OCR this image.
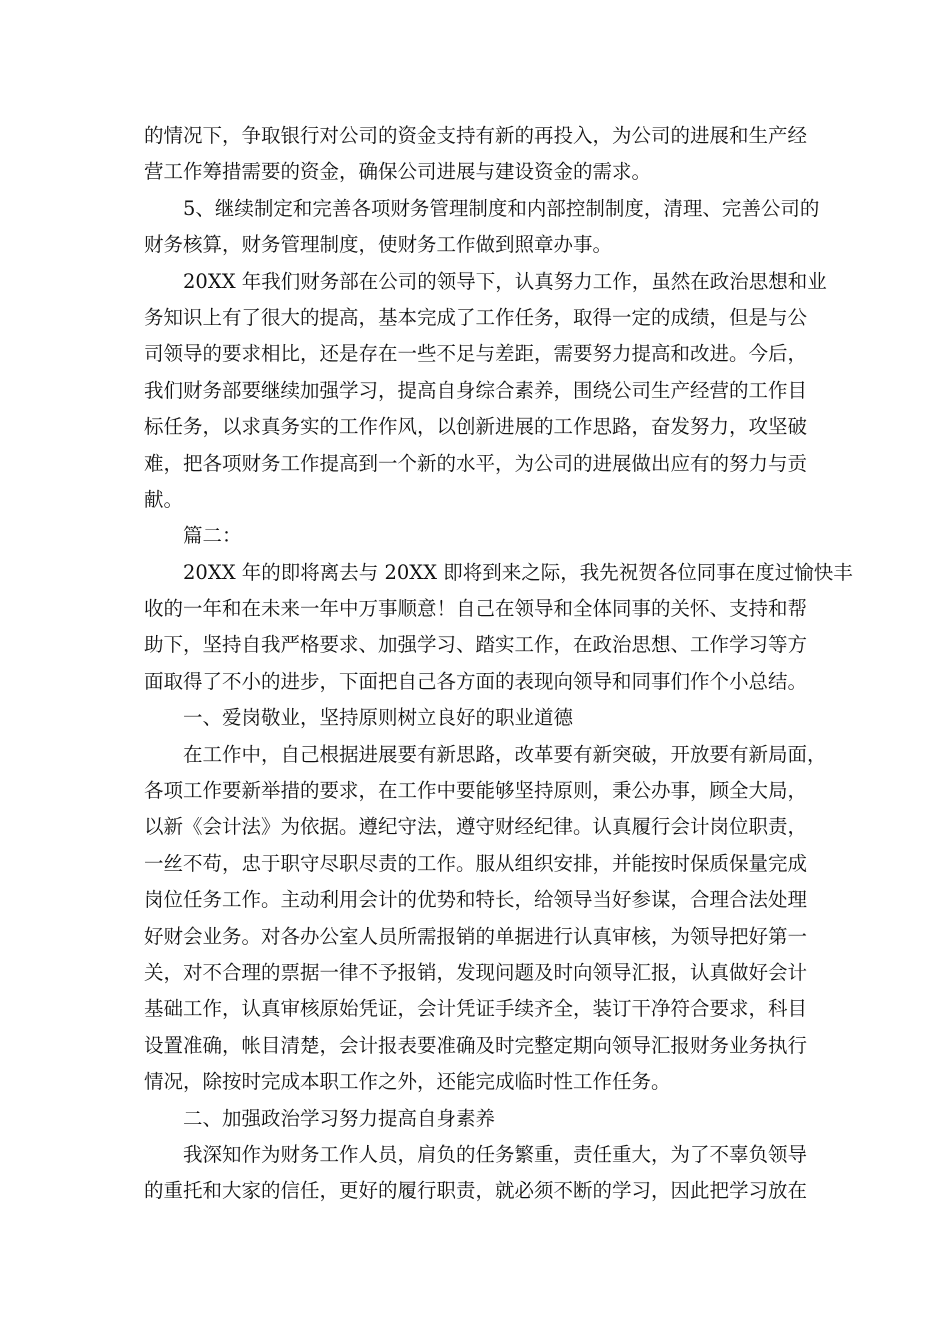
的情况下，争取银行对公司的资金支持有新的再投入，为公司的进展和生产经
营工作筹措需要的资金，确保公司进展与建设资金的需求。
5、继续制定和完善各项财务管理制度和内部控制制度，清理、完善公司的
财务核算，财务管理制度，使财务工作做到照章办事。
20XX 年我们财务部在公司的领导下，认真努力工作，虽然在政治思想和业
务知识上有了很大的提高，基本完成了工作任务，取得一定的成绩，但是与公
司领导的要求相比，还是存在一些不足与差距，需要努力提高和改进。今后，
我们财务部要继续加强学习，提高自身综合素养，围绕公司生产经营的工作目
标任务，以求真务实的工作作风，以创新进展的工作思路，奋发努力，攻坚破
难，把各项财务工作提高到一个新的水平，为公司的进展做出应有的努力与贡
献。
篇二：
20XX 年的即将离去与 20XX 即将到来之际，我先祝贺各位同事在度过愉快丰
收的一年和在未来一年中万事顺意！自己在领导和全体同事的关怀、支持和帮
助下，坚持自我严格要求、加强学习、踏实工作，在政治思想、工作学习等方
面取得了不小的进步，下面把自己各方面的表现向领导和同事们作个小总结。
一、爱岗敬业，坚持原则树立良好的职业道德
在工作中，自己根据进展要有新思路，改革要有新突破，开放要有新局面，
各项工作要新举措的要求，在工作中要能够坚持原则，秉公办事，顾全大局，
以新《会计法》为依据。遵纪守法，遵守财经纪律。认真履行会计岗位职责，
一丝不苟，忠于职守尽职尽责的工作。服从组织安排，并能按时保质保量完成
岗位任务工作。主动利用会计的优势和特长，给领导当好参谋，合理合法处理
好财会业务。对各办公室人员所需报销的单据进行认真审核，为领导把好第一
关，对不合理的票据一律不予报销，发现问题及时向领导汇报，认真做好会计
基础工作，认真审核原始凭证，会计凭证手续齐全，装订干净符合要求，科目
设置准确，帐目清楚，会计报表要准确及时完整定期向领导汇报财务业务执行
情况，除按时完成本职工作之外，还能完成临时性工作任务。
二、加强政治学习努力提高自身素养
我深知作为财务工作人员，肩负的任务繁重，责任重大，为了不辜负领导
的重托和大家的信任，更好的履行职责，就必须不断的学习，因此把学习放在
